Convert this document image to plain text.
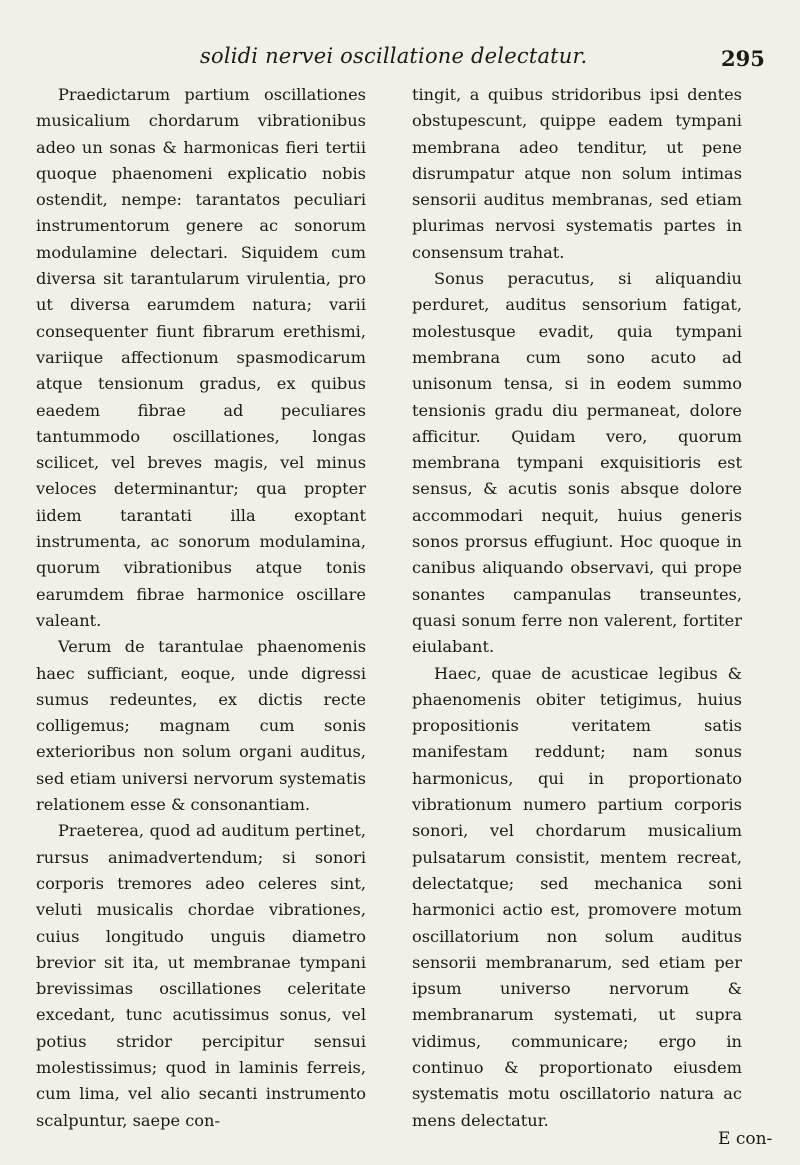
solidi nervei oscillatione delectatur.	295

Praedictarum partium oscillationes musicalium chordarum vibrationibus adeo un sonas & harmonicas fieri tertii quoque phaenomeni explicatio nobis ostendit, nempe: tarantatos peculiari instrumentorum genere ac sonorum modulamine delectari. Siquidem cum diversa sit tarantularum virulentia, pro ut diversa earumdem natura; varii consequenter fiunt fibrarum erethismi, variique affectionum spasmodicarum atque tensionum gradus, ex quibus eaedem fibrae ad peculiares tantummodo oscillationes, longas scilicet, vel breves magis, vel minus veloces determinantur; qua propter iidem tarantati illa exoptant instrumenta, ac sonorum modulamina, quorum vibrationibus atque tonis earumdem fibrae harmonice oscillare valeant.

Verum de tarantulae phaenomenis haec sufficiant, eoque, unde digressi sumus redeuntes, ex dictis recte colligemus; magnam cum sonis exterioribus non solum organi auditus, sed etiam universi nervorum systematis relationem esse & consonantiam.

Praeterea, quod ad auditum pertinet, rursus animadvertendum; si sonori corporis tremores adeo celeres sint, veluti musicalis chordae vibrationes, cuius longitudo unguis diametro brevior sit ita, ut membranae tympani brevissimas oscillationes celeritate excedant, tunc acutissimus sonus, vel potius stridor percipitur sensui molestissimus; quod in laminis ferreis, cum lima, vel alio secanti instrumento scalpuntur, saepe con-

tingit, a quibus stridoribus ipsi dentes obstupescunt, quippe eadem tympani membrana adeo tenditur, ut pene disrumpatur atque non solum intimas sensorii auditus membranas, sed etiam plurimas nervosi systematis partes in consensum trahat.

Sonus peracutus, si aliquandiu perduret, auditus sensorium fatigat, molestusque evadit, quia tympani membrana cum sono acuto ad unisonum tensa, si in eodem summo tensionis gradu diu permaneat, dolore afficitur. Quidam vero, quorum membrana tympani exquisitioris est sensus, & acutis sonis absque dolore accommodari nequit, huius generis sonos prorsus effugiunt. Hoc quoque in canibus aliquando observavi, qui prope sonantes campanulas transeuntes, quasi sonum ferre non valerent, fortiter eiulabant.

Haec, quae de acusticae legibus & phaenomenis obiter tetigimus, huius propositionis veritatem satis manifestam reddunt; nam sonus harmonicus, qui in proportionato vibrationum numero partium corporis sonori, vel chordarum musicalium pulsatarum consistit, mentem recreat, delectatque; sed mechanica soni harmonici actio est, promovere motum oscillatorium non solum auditus sensorii membranarum, sed etiam per ipsum universo nervorum & membranarum systemati, ut supra vidimus, communicare; ergo in continuo & proportionato eiusdem systematis motu oscillatorio natura ac mens delectatur.

E con-
